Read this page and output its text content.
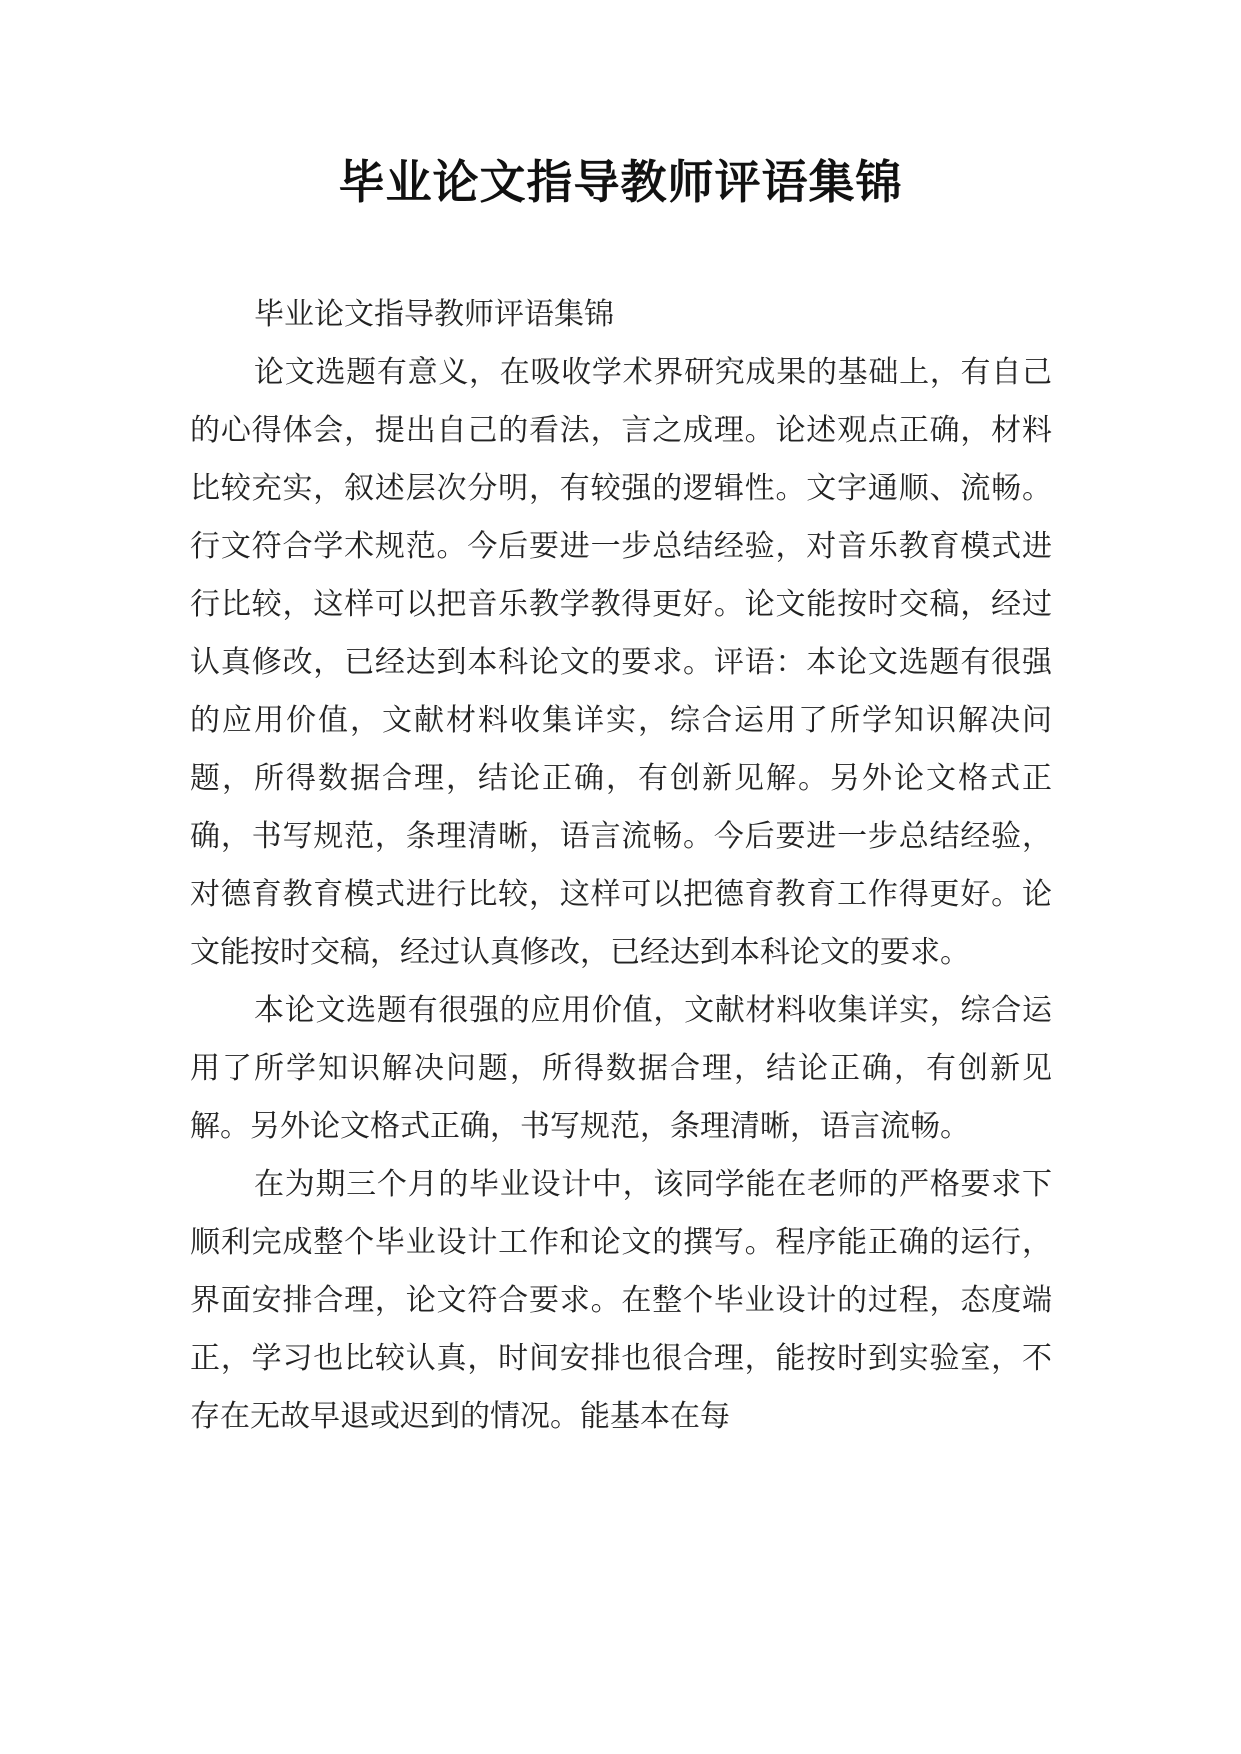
毕业论文指导教师评语集锦

毕业论文指导教师评语集锦

论文选题有意义，在吸收学术界研究成果的基础上，有自己的心得体会，提出自己的看法，言之成理。论述观点正确，材料比较充实，叙述层次分明，有较强的逻辑性。文字通顺、流畅。行文符合学术规范。今后要进一步总结经验，对音乐教育模式进行比较，这样可以把音乐教学教得更好。论文能按时交稿，经过认真修改，已经达到本科论文的要求。评语：本论文选题有很强的应用价值，文献材料收集详实，综合运用了所学知识解决问题，所得数据合理，结论正确，有创新见解。另外论文格式正确，书写规范，条理清晰，语言流畅。今后要进一步总结经验，对德育教育模式进行比较，这样可以把德育教育工作得更好。论文能按时交稿，经过认真修改，已经达到本科论文的要求。

本论文选题有很强的应用价值，文献材料收集详实，综合运用了所学知识解决问题，所得数据合理，结论正确，有创新见解。另外论文格式正确，书写规范，条理清晰，语言流畅。

在为期三个月的毕业设计中，该同学能在老师的严格要求下顺利完成整个毕业设计工作和论文的撰写。程序能正确的运行，界面安排合理，论文符合要求。在整个毕业设计的过程，态度端正，学习也比较认真，时间安排也很合理，能按时到实验室，不存在无故早退或迟到的情况。能基本在每
